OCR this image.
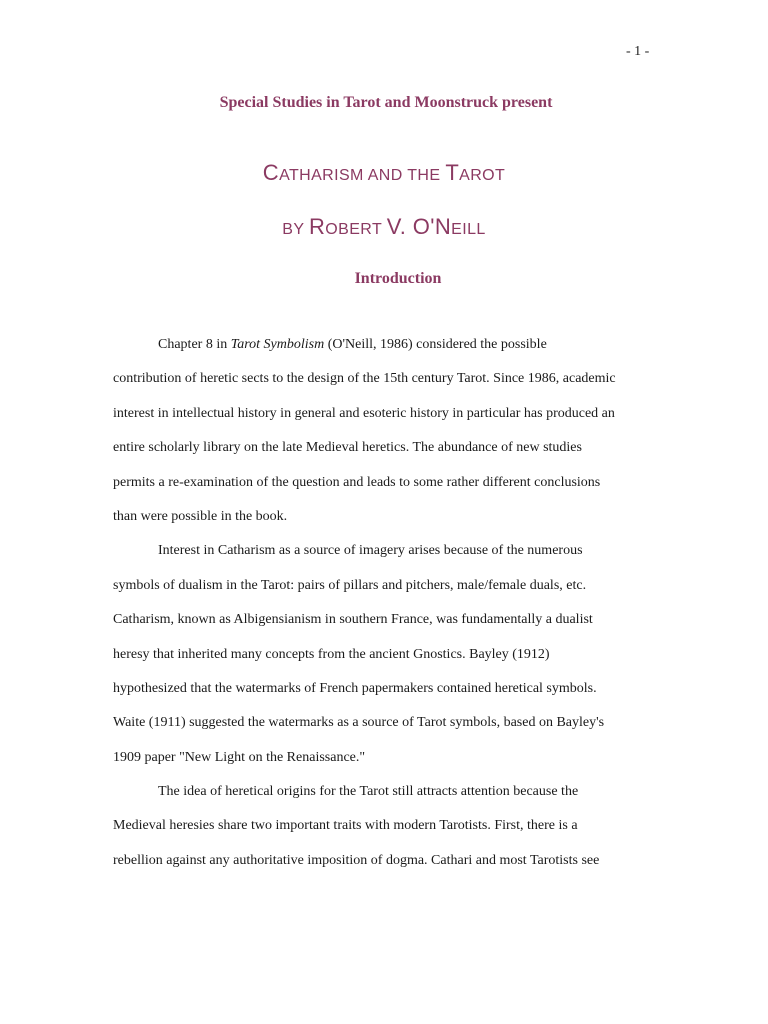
- 1 -
Special Studies in Tarot and Moonstruck present
CATHARISM AND THE TAROT
BY ROBERT V. O'NEILL
Introduction
Chapter 8 in Tarot Symbolism (O'Neill, 1986) considered the possible
contribution of heretic sects to the design of the 15th century Tarot. Since 1986, academic
interest in intellectual history in general and esoteric history in particular has produced an
entire scholarly library on the late Medieval heretics. The abundance of new studies
permits a re-examination of the question and leads to some rather different conclusions
than were possible in the book.
Interest in Catharism as a source of imagery arises because of the numerous
symbols of dualism in the Tarot: pairs of pillars and pitchers, male/female duals, etc.
Catharism, known as Albigensianism in southern France, was fundamentally a dualist
heresy that inherited many concepts from the ancient Gnostics. Bayley (1912)
hypothesized that the watermarks of French papermakers contained heretical symbols.
Waite (1911) suggested the watermarks as a source of Tarot symbols, based on Bayley's
1909 paper "New Light on the Renaissance."
The idea of heretical origins for the Tarot still attracts attention because the
Medieval heresies share two important traits with modern Tarotists. First, there is a
rebellion against any authoritative imposition of dogma. Cathari and most Tarotists see
